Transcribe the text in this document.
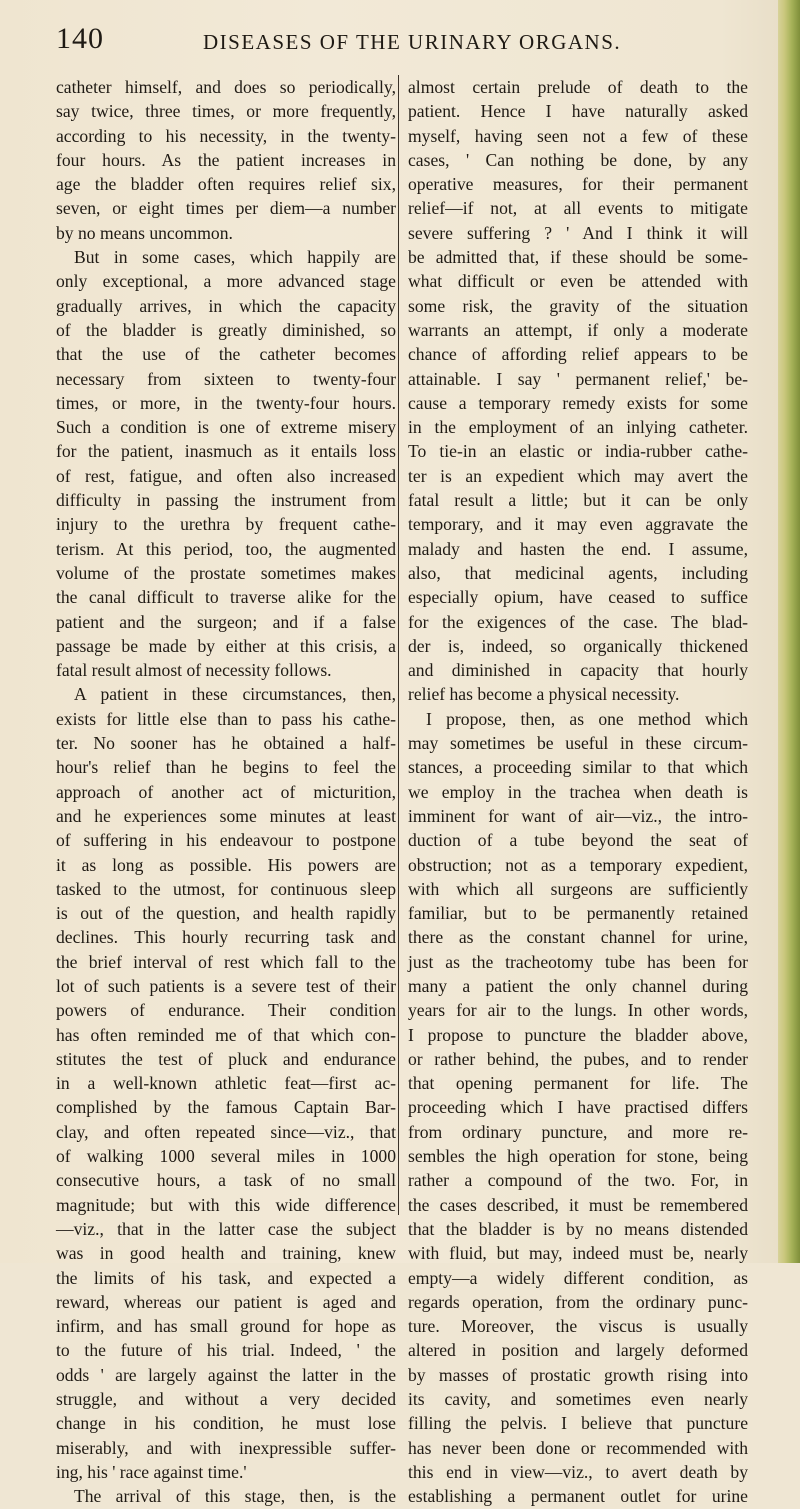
140	DISEASES OF THE URINARY ORGANS.
catheter himself, and does so periodically,
say twice, three times, or more frequently,
according to his necessity, in the twenty-
four hours. As the patient increases in
age the bladder often requires relief six,
seven, or eight times per diem—a number
by no means uncommon.
But in some cases, which happily are
only exceptional, a more advanced stage
gradually arrives, in which the capacity
of the bladder is greatly diminished, so
that the use of the catheter becomes
necessary from sixteen to twenty-four
times, or more, in the twenty-four hours.
Such a condition is one of extreme misery
for the patient, inasmuch as it entails loss
of rest, fatigue, and often also increased
difficulty in passing the instrument from
injury to the urethra by frequent cathe-
terism. At this period, too, the augmented
volume of the prostate sometimes makes
the canal difficult to traverse alike for the
patient and the surgeon; and if a false
passage be made by either at this crisis, a
fatal result almost of necessity follows.
A patient in these circumstances, then,
exists for little else than to pass his cathe-
ter. No sooner has he obtained a half-
hour's relief than he begins to feel the
approach of another act of micturition,
and he experiences some minutes at least
of suffering in his endeavour to postpone
it as long as possible. His powers are
tasked to the utmost, for continuous sleep
is out of the question, and health rapidly
declines. This hourly recurring task and
the brief interval of rest which fall to the
lot of such patients is a severe test of their
powers of endurance. Their condition
has often reminded me of that which con-
stitutes the test of pluck and endurance
in a well-known athletic feat—first ac-
complished by the famous Captain Bar-
clay, and often repeated since—viz., that
of walking 1000 several miles in 1000
consecutive hours, a task of no small
magnitude; but with this wide difference
—viz., that in the latter case the subject
was in good health and training, knew
the limits of his task, and expected a
reward, whereas our patient is aged and
infirm, and has small ground for hope as
to the future of his trial. Indeed, ' the
odds ' are largely against the latter in the
struggle, and without a very decided
change in his condition, he must lose
miserably, and with inexpressible suffer-
ing, his ' race against time.'
The arrival of this stage, then, is the
almost certain prelude of death to the
patient. Hence I have naturally asked
myself, having seen not a few of these
cases, ' Can nothing be done, by any
operative measures, for their permanent
relief—if not, at all events to mitigate
severe suffering ? ' And I think it will
be admitted that, if these should be some-
what difficult or even be attended with
some risk, the gravity of the situation
warrants an attempt, if only a moderate
chance of affording relief appears to be
attainable. I say ' permanent relief,' be-
cause a temporary remedy exists for some
in the employment of an inlying catheter.
To tie-in an elastic or india-rubber cathe-
ter is an expedient which may avert the
fatal result a little; but it can be only
temporary, and it may even aggravate the
malady and hasten the end. I assume,
also, that medicinal agents, including
especially opium, have ceased to suffice
for the exigences of the case. The blad-
der is, indeed, so organically thickened
and diminished in capacity that hourly
relief has become a physical necessity.
I propose, then, as one method which
may sometimes be useful in these circum-
stances, a proceeding similar to that which
we employ in the trachea when death is
imminent for want of air—viz., the intro-
duction of a tube beyond the seat of
obstruction; not as a temporary expedient,
with which all surgeons are sufficiently
familiar, but to be permanently retained
there as the constant channel for urine,
just as the tracheotomy tube has been for
many a patient the only channel during
years for air to the lungs. In other words,
I propose to puncture the bladder above,
or rather behind, the pubes, and to render
that opening permanent for life. The
proceeding which I have practised differs
from ordinary puncture, and more re-
sembles the high operation for stone, being
rather a compound of the two. For, in
the cases described, it must be remembered
that the bladder is by no means distended
with fluid, but may, indeed must be, nearly
empty—a widely different condition, as
regards operation, from the ordinary punc-
ture. Moreover, the viscus is usually
altered in position and largely deformed
by masses of prostatic growth rising into
its cavity, and sometimes even nearly
filling the pelvis. I believe that puncture
has never been done or recommended with
this end in view—viz., to avert death by
establishing a permanent outlet for urine
